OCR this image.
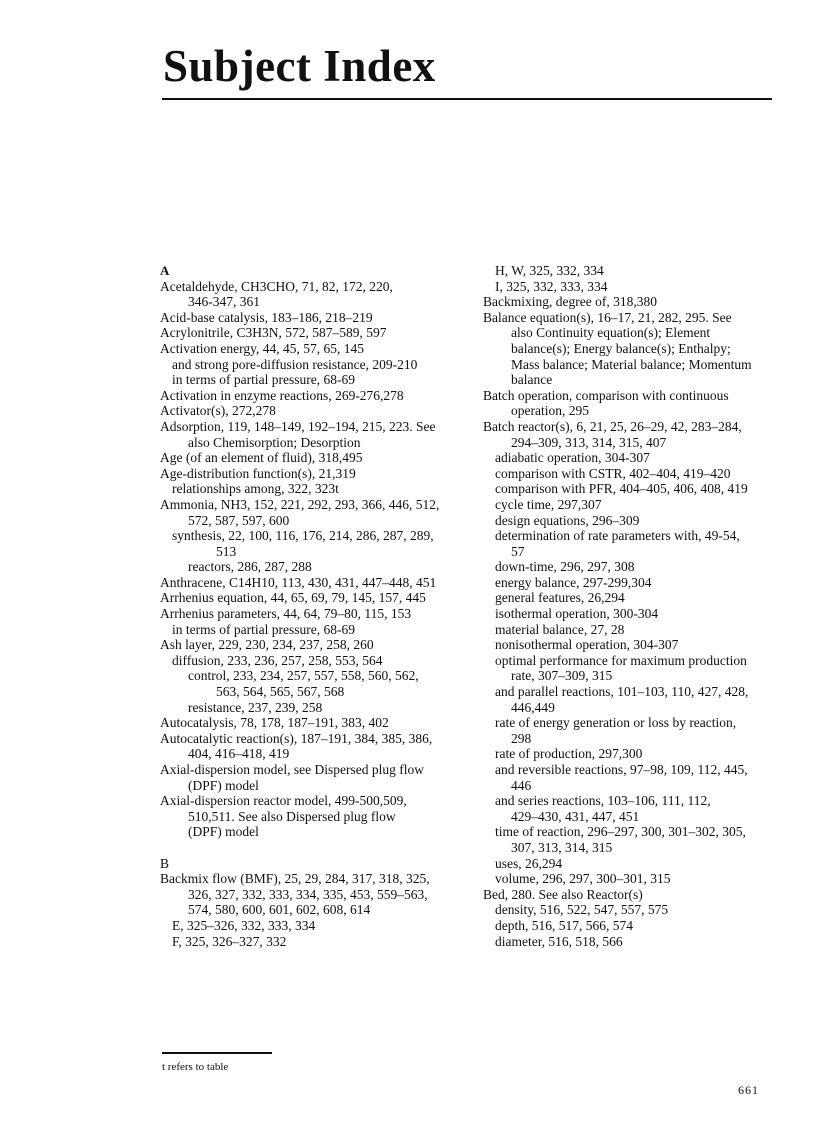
Subject Index
A
Acetaldehyde, CH3CHO, 71, 82, 172, 220,
346-347, 361
Acid-base catalysis, 183–186, 218–219
Acrylonitrile, C3H3N, 572, 587–589, 597
Activation energy, 44, 45, 57, 65, 145
and strong pore-diffusion resistance, 209-210
in terms of partial pressure, 68-69
Activation in enzyme reactions, 269-276,278
Activator(s), 272,278
Adsorption, 119, 148–149, 192–194, 215, 223. See
also Chemisorption; Desorption
Age (of an element of fluid), 318,495
Age-distribution function(s), 21,319
relationships among, 322, 323t
Ammonia, NH3, 152, 221, 292, 293, 366, 446, 512,
572, 587, 597, 600
synthesis, 22, 100, 116, 176, 214, 286, 287, 289,
513
reactors, 286, 287, 288
Anthracene, C14H10, 113, 430, 431, 447–448, 451
Arrhenius equation, 44, 65, 69, 79, 145, 157, 445
Arrhenius parameters, 44, 64, 79–80, 115, 153
in terms of partial pressure, 68-69
Ash layer, 229, 230, 234, 237, 258, 260
diffusion, 233, 236, 257, 258, 553, 564
control, 233, 234, 257, 557, 558, 560, 562,
563, 564, 565, 567, 568
resistance, 237, 239, 258
Autocatalysis, 78, 178, 187–191, 383, 402
Autocatalytic reaction(s), 187–191, 384, 385, 386,
404, 416–418, 419
Axial-dispersion model, see Dispersed plug flow
(DPF) model
Axial-dispersion reactor model, 499-500,509,
510,511. See also Dispersed plug flow
(DPF) model
B
Backmix flow (BMF), 25, 29, 284, 317, 318, 325,
326, 327, 332, 333, 334, 335, 453, 559–563,
574, 580, 600, 601, 602, 608, 614
E, 325–326, 332, 333, 334
F, 325, 326–327, 332
H, W, 325, 332, 334
I, 325, 332, 333, 334
Backmixing, degree of, 318,380
Balance equation(s), 16–17, 21, 282, 295. See
also Continuity equation(s); Element
balance(s); Energy balance(s); Enthalpy;
Mass balance; Material balance; Momentum
balance
Batch operation, comparison with continuous
operation, 295
Batch reactor(s), 6, 21, 25, 26–29, 42, 283–284,
294–309, 313, 314, 315, 407
adiabatic operation, 304-307
comparison with CSTR, 402–404, 419–420
comparison with PFR, 404–405, 406, 408, 419
cycle time, 297,307
design equations, 296–309
determination of rate parameters with, 49-54,
57
down-time, 296, 297, 308
energy balance, 297-299,304
general features, 26,294
isothermal operation, 300-304
material balance, 27, 28
nonisothermal operation, 304-307
optimal performance for maximum production
rate, 307–309, 315
and parallel reactions, 101–103, 110, 427, 428,
446,449
rate of energy generation or loss by reaction,
298
rate of production, 297,300
and reversible reactions, 97–98, 109, 112, 445,
446
and series reactions, 103–106, 111, 112,
429–430, 431, 447, 451
time of reaction, 296–297, 300, 301–302, 305,
307, 313, 314, 315
uses, 26,294
volume, 296, 297, 300–301, 315
Bed, 280. See also Reactor(s)
density, 516, 522, 547, 557, 575
depth, 516, 517, 566, 574
diameter, 516, 518, 566
t refers to table
661
